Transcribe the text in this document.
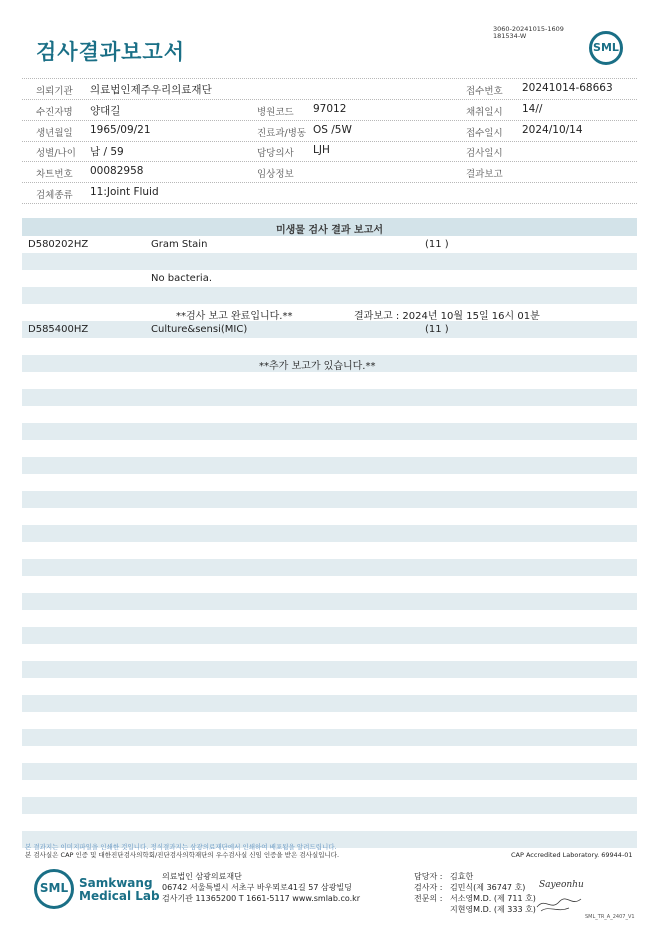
검사결과보고서
3060-20241015-1609
181534-W
SML
의뢰기관 의료법인제주우리의료재단	접수번호 20241014-68663
수진자명 양대길	병원코드 97012	채취일시 14//
생년월일 1965/09/21	진료과/병동 OS /5W	접수일시 2024/10/14
성별/나이 남 / 59	담당의사 LJH	검사일시
차트번호 00082958	임상정보	결과보고
검체종류 11:Joint Fluid
미생물 검사 결과 보고서
D580202HZ	Gram Stain	(11 )
No bacteria.
**검사 보고 완료입니다.**	결과보고 : 2024년 10월 15일 16시 01분
D585400HZ	Culture&sensi(MIC)	(11 )
**추가 보고가 있습니다.**
본 결과지는 이미지파일을 인쇄한 것입니다. 정식결과지는 삼광의료재단에서 인쇄하여 배포됨을 알려드립니다.
본 검사실은 CAP 인증 및 대한진단검사의학회/진단검사의학재단의 우수검사실 신임 인증을 받은 검사실입니다.	CAP Accredited Laboratory. 69944-01
SML Samkwang
Medical Lab
의료법인 삼광의료재단
06742 서울특별시 서초구 바우뫼로41길 57 삼광빌딩
검사기관 11365200 T 1661-5117 www.smlab.co.kr
담당자 : 김효한
검사자 : 김민식(제 36747 호) Sayeonhu
전문의 : 서소영M.D. (제 711 호)
지현영M.D. (제 333 호)
SML_TR_A_2407_V1
